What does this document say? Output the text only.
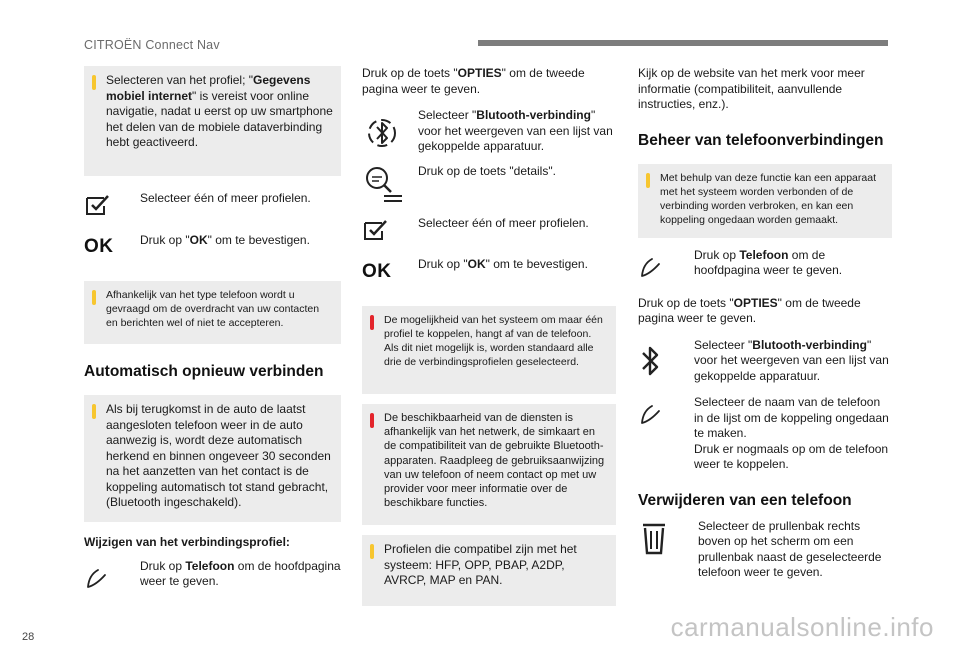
CITROËN Connect Nav

Selecteren van het profiel; "Gegevens mobiel internet" is vereist voor online navigatie, nadat u eerst op uw smartphone het delen van de mobiele dataverbinding hebt geactiveerd.

Selecteer één of meer profielen.

OK Druk op "OK" om te bevestigen.

Afhankelijk van het type telefoon wordt u gevraagd om de overdracht van uw contacten en berichten wel of niet te accepteren.

Automatisch opnieuw verbinden

Als bij terugkomst in de auto de laatst aangesloten telefoon weer in de auto aanwezig is, wordt deze automatisch herkend en binnen ongeveer 30 seconden na het aanzetten van het contact is de koppeling automatisch tot stand gebracht, (Bluetooth ingeschakeld).

Wijzigen van het verbindingsprofiel:

Druk op Telefoon om de hoofdpagina weer te geven.

Druk op de toets "OPTIES" om de tweede pagina weer te geven.

Selecteer "Blutooth-verbinding" voor het weergeven van een lijst van gekoppelde apparatuur.

Druk op de toets "details".

Selecteer één of meer profielen.

OK Druk op "OK" om te bevestigen.

De mogelijkheid van het systeem om maar één profiel te koppelen, hangt af van de telefoon.
Als dit niet mogelijk is, worden standaard alle drie de verbindingsprofielen geselecteerd.

De beschikbaarheid van de diensten is afhankelijk van het netwerk, de simkaart en de compatibiliteit van de gebruikte Bluetooth-apparaten. Raadpleeg de gebruiksaanwijzing van uw telefoon of neem contact op met uw provider voor meer informatie over de beschikbare functies.

Profielen die compatibel zijn met het systeem: HFP, OPP, PBAP, A2DP, AVRCP, MAP en PAN.

Kijk op de website van het merk voor meer informatie (compatibiliteit, aanvullende instructies, enz.).

Beheer van telefoonverbindingen

Met behulp van deze functie kan een apparaat met het systeem worden verbonden of de verbinding worden verbroken, en kan een koppeling ongedaan worden gemaakt.

Druk op Telefoon om de hoofdpagina weer te geven.

Druk op de toets "OPTIES" om de tweede pagina weer te geven.

Selecteer "Blutooth-verbinding" voor het weergeven van een lijst van gekoppelde apparatuur.

Selecteer de naam van de telefoon in de lijst om de koppeling ongedaan te maken.
Druk er nogmaals op om de telefoon weer te koppelen.

Verwijderen van een telefoon

Selecteer de prullenbak rechts boven op het scherm om een prullenbak naast de geselecteerde telefoon weer te geven.

28	carmanualsonline.info
